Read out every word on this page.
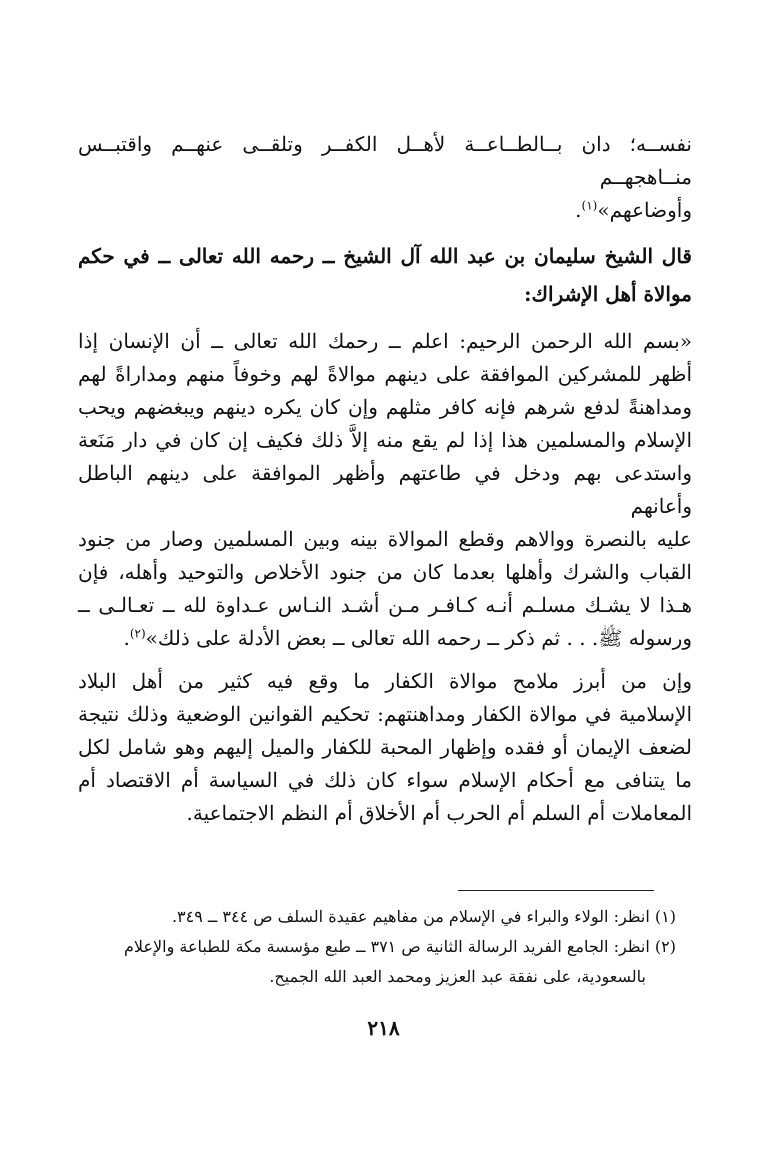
نفســه؛ دان بــالطــاعــة لأهــل الكفــر وتلقــى عنهــم واقتبــس منــاهجهــم
وأوضاعهم»$^{(١)}$.

قال الشيخ سليمان بن عبد الله آل الشيخ ــ رحمه الله تعالى ــ في حكم
موالاة أهل الإشراك:

«بسم الله الرحمن الرحيم: اعلم ــ رحمك الله تعالى ــ أن الإنسان إذا
أظهر للمشركين الموافقة على دينهم موالاةً لهم وخوفاً منهم ومداراةً لهم
ومداهنةً لدفع شرهم فإنه كافر مثلهم وإن كان يكره دينهم ويبغضهم ويحب
الإسلام والمسلمين هذا إذا لم يقع منه إلاَّ ذلك فكيف إن كان في دار مَنَعة
واستدعى بهم ودخل في طاعتهم وأظهر الموافقة على دينهم الباطل وأعانهم
عليه بالنصرة ووالاهم وقطع الموالاة بينه وبين المسلمين وصار من جنود
القباب والشرك وأهلها بعدما كان من جنود الأخلاص والتوحيد وأهله، فإن
هـذا لا يشـك مسلـم أنـه كـافـر مـن أشـد النـاس عـداوة لله ــ تعـالـى ــ
ورسوله ﷺ. . . ثم ذكر ــ رحمه الله تعالى ــ بعض الأدلة على ذلك»$^{(٢)}$.

وإن من أبرز ملامح موالاة الكفار ما وقع فيه كثير من أهل البلاد
الإسلامية في موالاة الكفار ومداهنتهم: تحكيم القوانين الوضعية وذلك نتيجة
لضعف الإيمان أو فقده وإظهار المحبة للكفار والميل إليهم وهو شامل لكل
ما يتنافى مع أحكام الإسلام سواء كان ذلك في السياسة أم الاقتصاد أم
المعاملات أم السلم أم الحرب أم الأخلاق أم النظم الاجتماعية.

(١) انظر: الولاء والبراء في الإسلام من مفاهيم عقيدة السلف ص ٣٤٤ ــ ٣٤٩.

(٢) انظر: الجامع الفريد الرسالة الثانية ص ٣٧١ ــ طبع مؤسسة مكة للطباعة والإعلام
بالسعودية، على نفقة عبد العزيز ومحمد العبد الله الجميح.

٢١٨
